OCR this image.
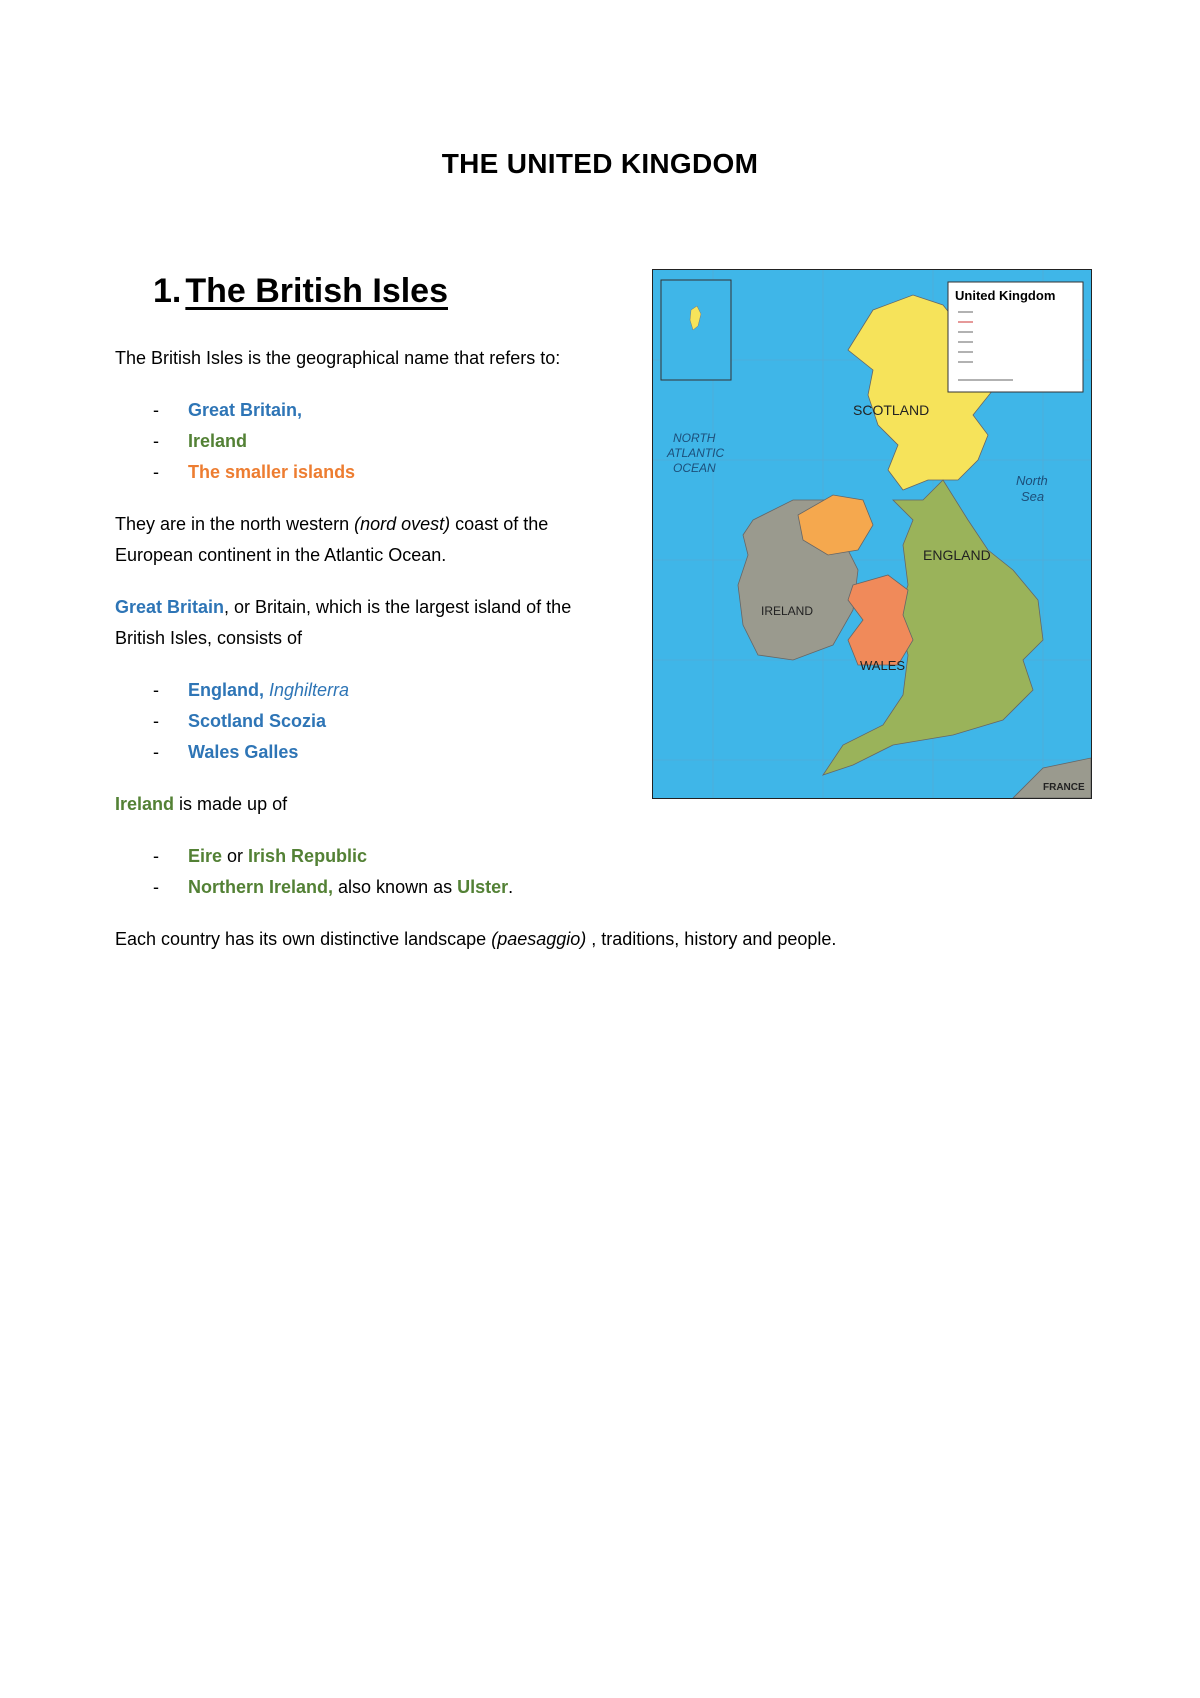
THE UNITED KINGDOM
1. The British Isles
The British Isles is the geographical name that refers to:
- Great Britain,
- Ireland
- The smaller islands
They are in the north western (nord ovest) coast of the
European continent in the Atlantic Ocean.
Great Britain, or Britain, which is the largest island of the
British Isles, consists of
- England, Inghilterra
- Scotland Scozia
- Wales Galles
Ireland is made up of
- Eire or Irish Republic
- Northern Ireland, also known as Ulster.
Each country has its own distinctive landscape (paesaggio) , traditions, history and people.
United Kingdom
SCOTLAND
ENGLAND
WALES
IRELAND
NORTH
ATLANTIC
OCEAN
North
Sea
FRANCE
